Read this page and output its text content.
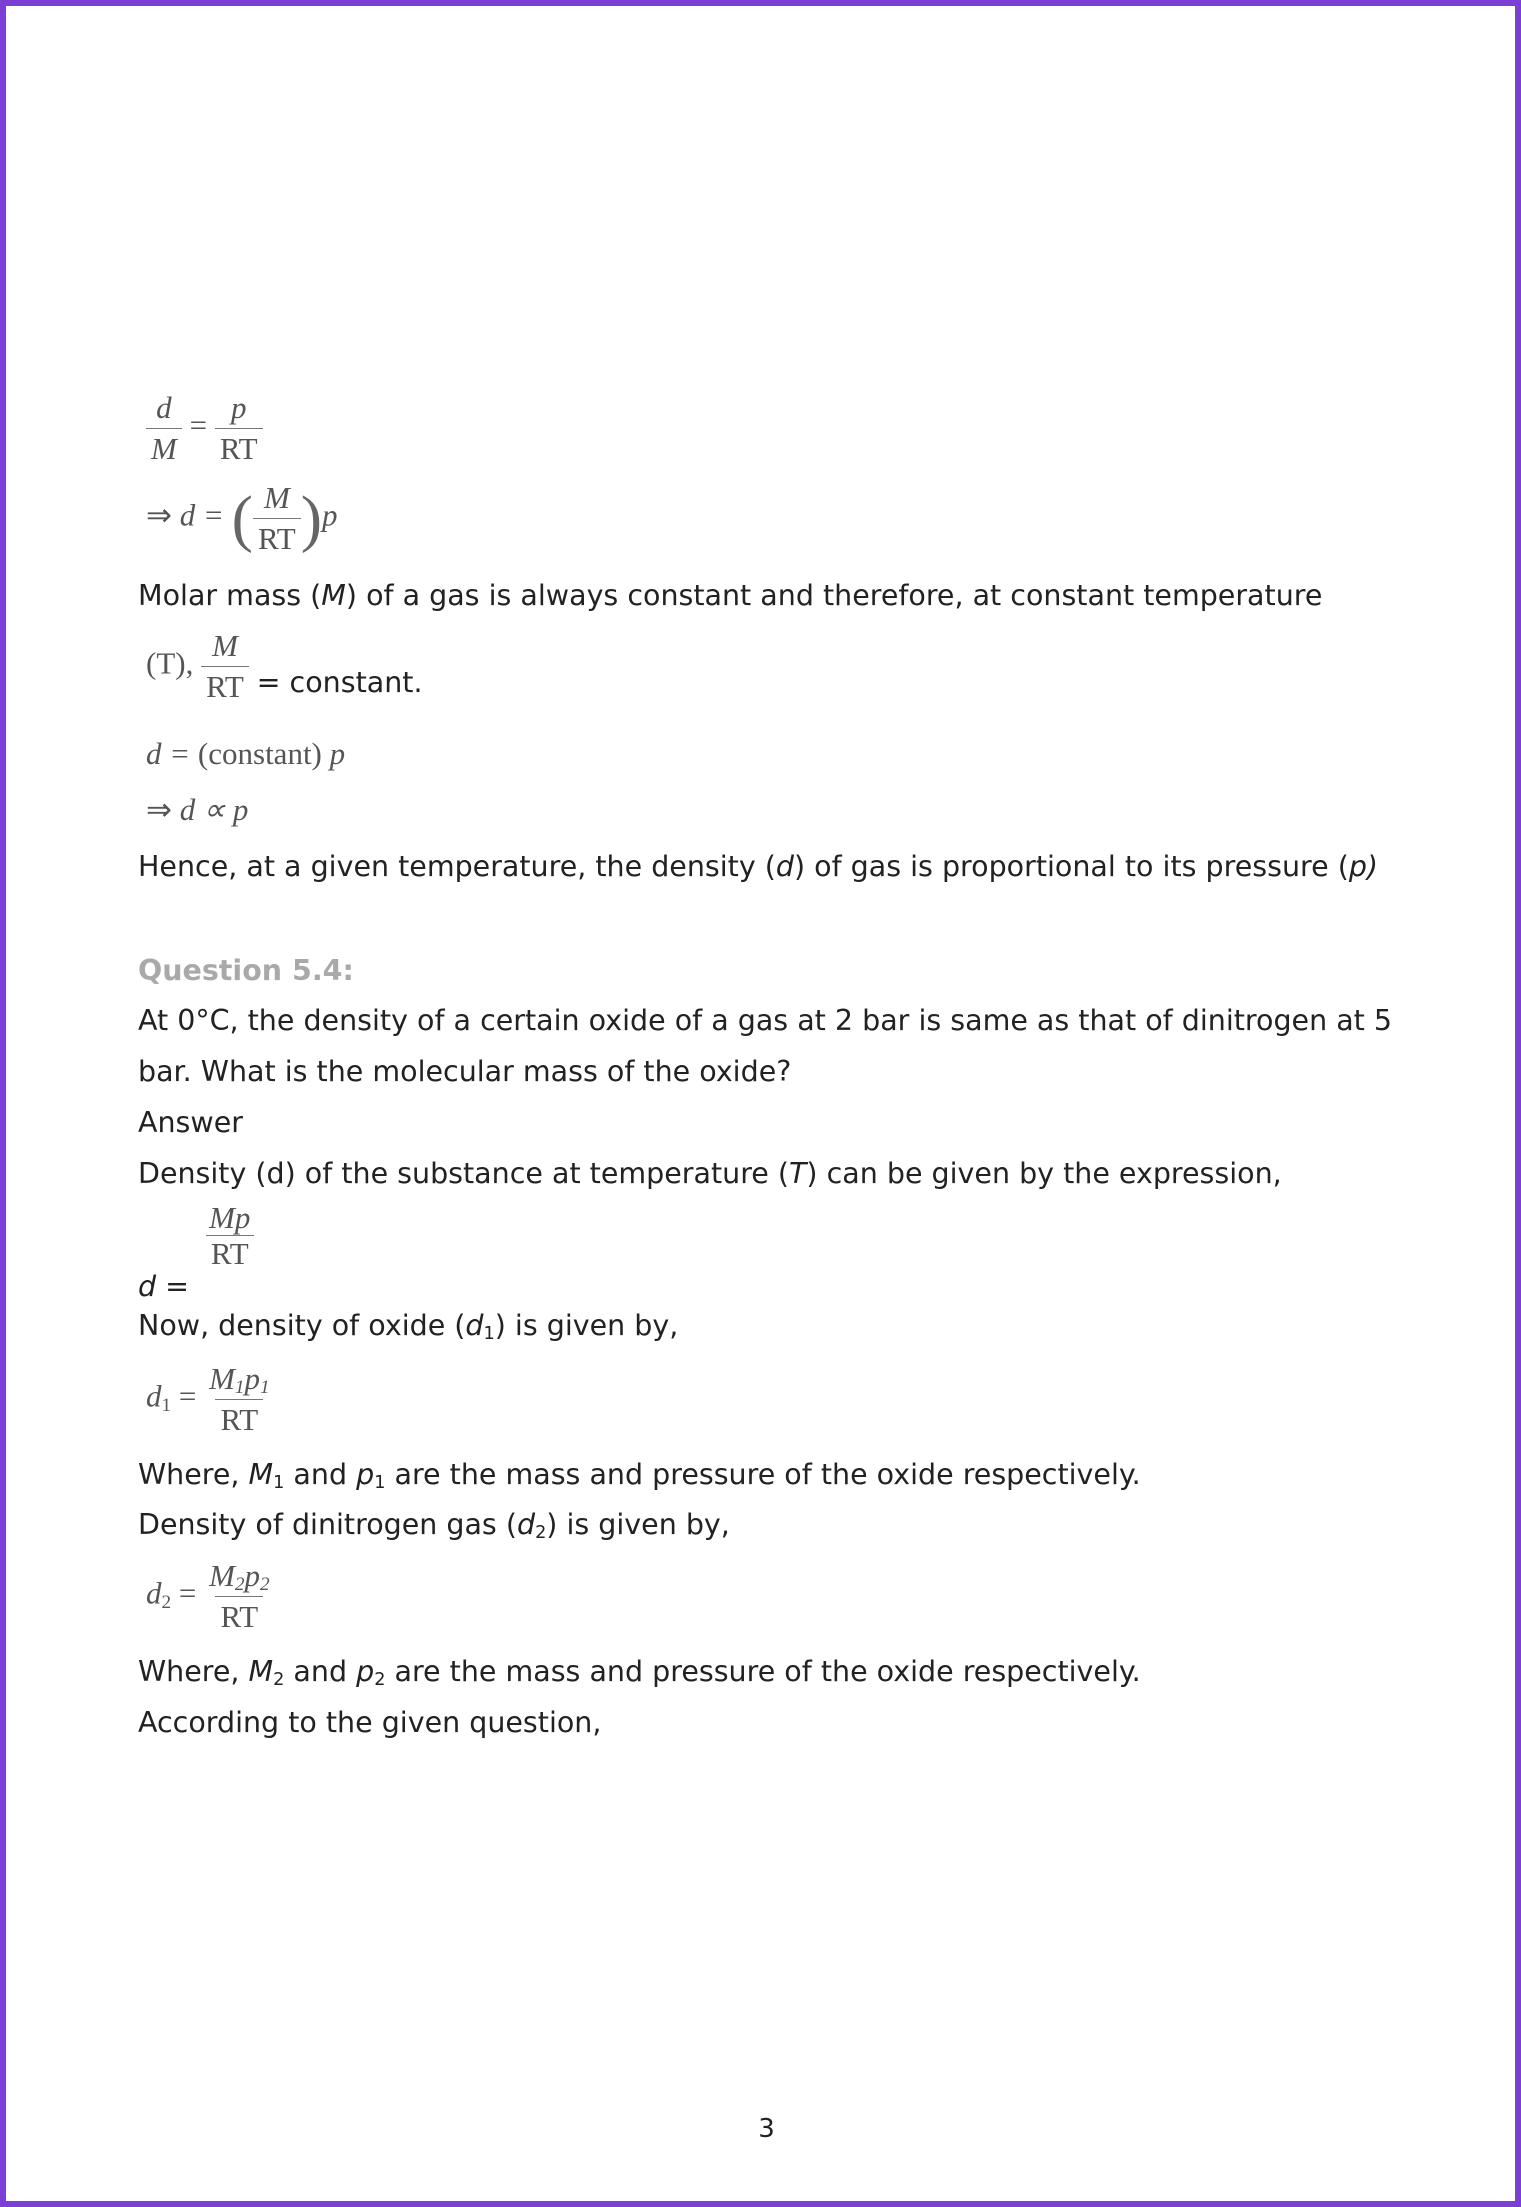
$\frac{d}{M} = \frac{p}{RT}$
⇒ d = ( $\frac{M}{RT} )p$
Molar mass (M) of a gas is always constant and therefore, at constant temperature
(T), $\frac{M}{RT}$ = constant.
d = (constant) p
⇒ d ∝ p
Hence, at a given temperature, the density (d) of gas is proportional to its pressure (p)
Question 5.4:
At 0°C, the density of a certain oxide of a gas at 2 bar is same as that of dinitrogen at 5
bar. What is the molecular mass of the oxide?
Answer
Density (d) of the substance at temperature (T) can be given by the expression,
d =
$\frac{Mp}{RT}$
Now, density of oxide $(d_1)$ is given by,
$d_1 = \frac{M_1p_1}{RT}$
Where, $M_1$ and $p_1$ are the mass and pressure of the oxide respectively.
Density of dinitrogen gas $(d_2)$ is given by,
$d_2 = \frac{M_2p_2}{RT}$
Where, $M_2$ and $p_2$ are the mass and pressure of the oxide respectively.
According to the given question,
3
